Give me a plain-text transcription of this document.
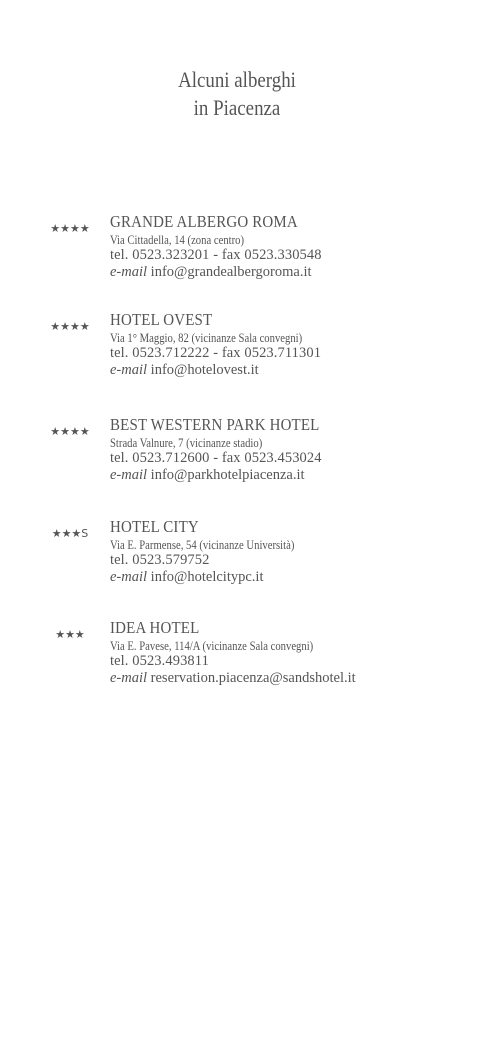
Alcuni alberghi
in Piacenza
★★★★ GRANDE ALBERGO ROMA
Via Cittadella, 14 (zona centro)
tel. 0523.323201 - fax 0523.330548
e-mail info@grandealbergoroma.it
★★★★ HOTEL OVEST
Via 1° Maggio, 82 (vicinanze Sala convegni)
tel. 0523.712222 - fax 0523.711301
e-mail info@hotelovest.it
★★★★ BEST WESTERN PARK HOTEL
Strada Valnure, 7 (vicinanze stadio)
tel. 0523.712600 - fax 0523.453024
e-mail info@parkhotelpiacenza.it
★★★S HOTEL CITY
Via E. Parmense, 54 (vicinanze Università)
tel. 0523.579752
e-mail info@hotelcitypc.it
★★★	IDEA HOTEL
Via E. Pavese, 114/A (vicinanze Sala convegni)
tel. 0523.493811
e-mail reservation.piacenza@sandshotel.it
